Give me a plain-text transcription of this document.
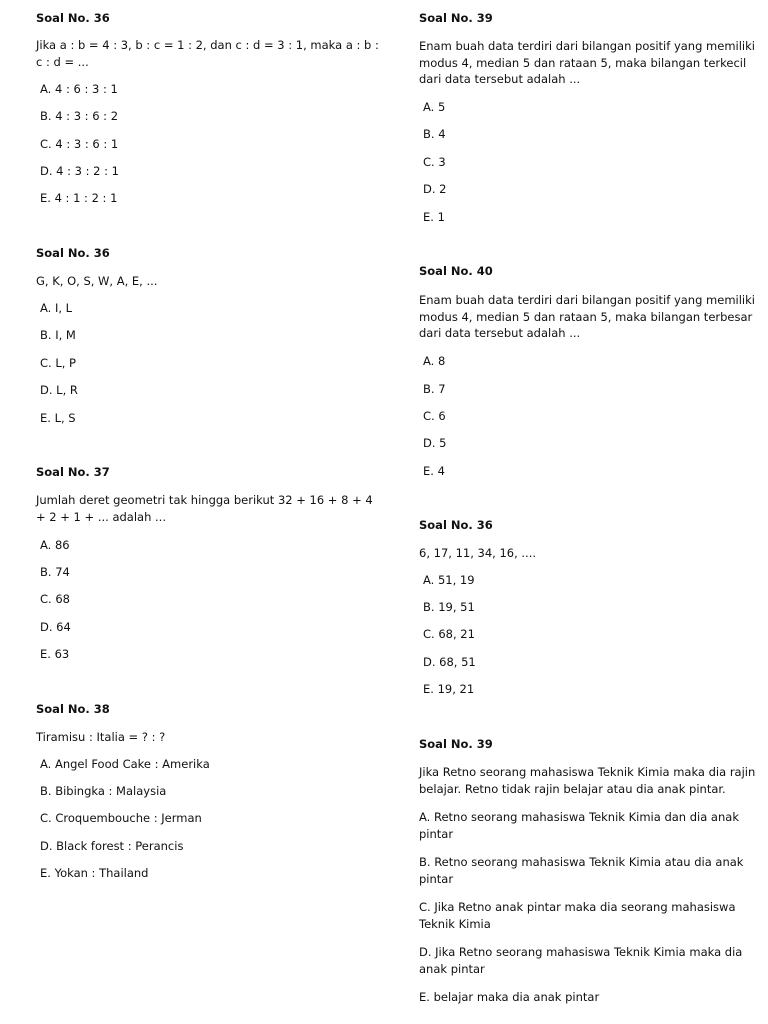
Soal No. 36
Jika a : b = 4 : 3, b : c = 1 : 2, dan c : d = 3 : 1, maka a : b : c : d = ...
A. 4 : 6 : 3 : 1
B. 4 : 3 : 6 : 2
C. 4 : 3 : 6 : 1
D. 4 : 3 : 2 : 1
E. 4 : 1 : 2 : 1
Soal No. 36
G, K, O, S, W, A, E, ...
A. I, L
B. I, M
C. L, P
D. L, R
E. L, S
Soal No. 37
Jumlah deret geometri tak hingga berikut 32 + 16 + 8 + 4 + 2 + 1 + ... adalah ...
A. 86
B. 74
C. 68
D. 64
E. 63
Soal No. 38
Tiramisu : Italia = ? : ?
A. Angel Food Cake : Amerika
B. Bibingka : Malaysia
C. Croquembouche : Jerman
D. Black forest : Perancis
E. Yokan : Thailand
Soal No. 39
Enam buah data terdiri dari bilangan positif yang memiliki modus 4, median 5 dan rataan 5, maka bilangan terkecil dari data tersebut adalah ...
A. 5
B. 4
C. 3
D. 2
E. 1
Soal No. 40
Enam buah data terdiri dari bilangan positif yang memiliki modus 4, median 5 dan rataan 5, maka bilangan terbesar dari data tersebut adalah ...
A. 8
B. 7
C. 6
D. 5
E. 4
Soal No. 36
6, 17, 11, 34, 16, ....
A. 51, 19
B. 19, 51
C. 68, 21
D. 68, 51
E. 19, 21
Soal No. 39
Jika Retno seorang mahasiswa Teknik Kimia maka dia rajin belajar. Retno tidak rajin belajar atau dia anak pintar.
A. Retno seorang mahasiswa Teknik Kimia dan dia anak pintar
B. Retno seorang mahasiswa Teknik Kimia atau dia anak pintar
C. Jika Retno anak pintar maka dia seorang mahasiswa Teknik Kimia
D. Jika Retno seorang mahasiswa Teknik Kimia maka dia anak pintar
E. belajar maka dia anak pintar
